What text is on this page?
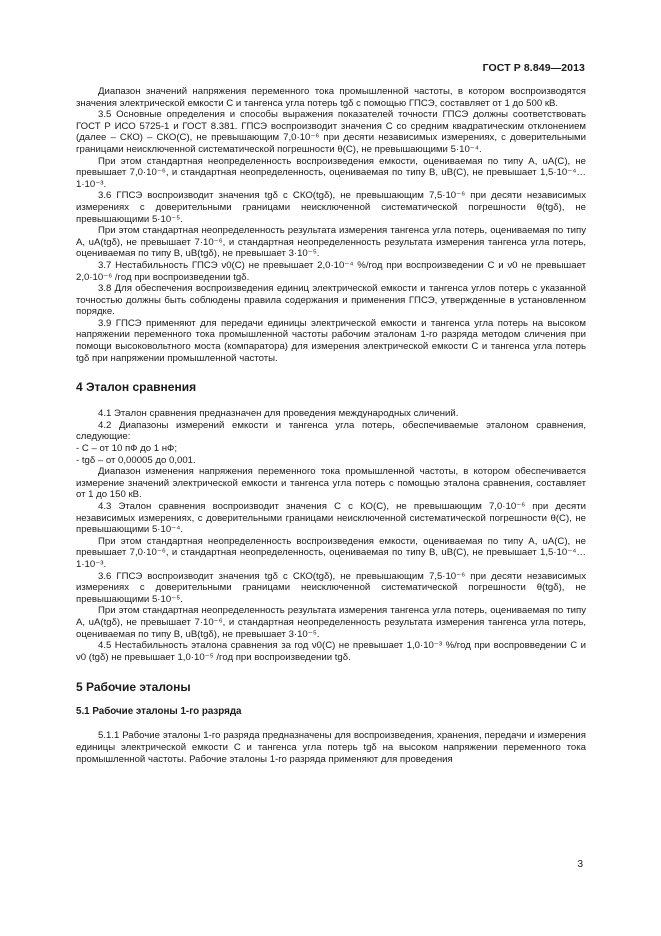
ГОСТ Р 8.849—2013
Диапазон значений напряжения переменного тока промышленной частоты, в котором воспроизводятся значения электрической емкости C и тангенса угла потерь tgδ с помощью ГПСЭ, составляет от 1 до 500 кВ.
3.5 Основные определения и способы выражения показателей точности ГПСЭ должны соответствовать ГОСТ Р ИСО 5725-1 и ГОСТ 8.381. ГПСЭ воспроизводит значения C со средним квадратическим отклонением (далее – СКО) – СКО(C), не превышающим 7,0·10⁻⁶ при десяти независимых измерениях, с доверительными границами неисключенной систематической погрешности θ(C), не превышающими 5·10⁻⁴.
При этом стандартная неопределенность воспроизведения емкости, оцениваемая по типу A, uA(C), не превышает 7,0·10⁻⁶, и стандартная неопределенность, оцениваемая по типу B, uB(C), не превышает 1,5·10⁻⁴…1·10⁻³.
3.6 ГПСЭ воспроизводит значения tgδ с СКО(tgδ), не превышающим 7,5·10⁻⁶ при десяти независимых измерениях с доверительными границами неисключенной систематической погрешности θ(tgδ), не превышающими 5·10⁻⁵.
При этом стандартная неопределенность результата измерения тангенса угла потерь, оцениваемая по типу A, uA(tgδ), не превышает 7·10⁻⁶, и стандартная неопределенность результата измерения тангенса угла потерь, оцениваемая по типу B, uB(tgδ), не превышает 3·10⁻⁵.
3.7 Нестабильность ГПСЭ ν0(C) не превышает 2,0·10⁻⁴ %/год при воспроизведении C и ν0 не превышает 2,0·10⁻⁶ /год при воспроизведении tgδ.
3.8 Для обеспечения воспроизведения единиц электрической емкости и тангенса углов потерь с указанной точностью должны быть соблюдены правила содержания и применения ГПСЭ, утвержденные в установленном порядке.
3.9 ГПСЭ применяют для передачи единицы электрической емкости и тангенса угла потерь на высоком напряжении переменного тока промышленной частоты рабочим эталонам 1-го разряда методом сличения при помощи высоковольтного моста (компаратора) для измерения электрической емкости C и тангенса угла потерь tgδ при напряжении промышленной частоты.
4 Эталон сравнения
4.1 Эталон сравнения предназначен для проведения международных сличений.
4.2 Диапазоны измерений емкости и тангенса угла потерь, обеспечиваемые эталоном сравнения, следующие:
- C – от 10 пФ до 1 нФ;
- tgδ – от 0,00005 до 0,001.
Диапазон изменения напряжения переменного тока промышленной частоты, в котором обеспечивается измерение значений электрической емкости и тангенса угла потерь с помощью эталона сравнения, составляет от 1 до 150 кВ.
4.3 Эталон сравнения воспроизводит значения C с КО(C), не превышающим 7,0·10⁻⁶ при десяти независимых измерениях, с доверительными границами неисключенной систематической погрешности θ(C), не превышающими 5·10⁻⁴.
При этом стандартная неопределенность воспроизведения емкости, оцениваемая по типу A, uA(C), не превышает 7,0·10⁻⁶, и стандартная неопределенность, оцениваемая по типу B, uB(C), не превышает 1,5·10⁻⁴…1·10⁻³.
3.6 ГПСЭ воспроизводит значения tgδ с СКО(tgδ), не превышающим 7,5·10⁻⁶ при десяти независимых измерениях с доверительными границами неисключенной систематической погрешности θ(tgδ), не превышающими 5·10⁻⁵.
При этом стандартная неопределенность результата измерения тангенса угла потерь, оцениваемая по типу A, uA(tgδ), не превышает 7·10⁻⁶, и стандартная неопределенность результата измерения тангенса угла потерь, оцениваемая по типу B, uB(tgδ), не превышает 3·10⁻⁵.
4.5 Нестабильность эталона сравнения за год ν0(C) не превышает 1,0·10⁻³ %/год при воспровведении C и ν0 (tgδ) не превышает 1,0·10⁻⁵ /год при воспроизведении tgδ.
5 Рабочие эталоны
5.1 Рабочие эталоны 1-го разряда
5.1.1 Рабочие эталоны 1-го разряда предназначены для воспроизведения, хранения, передачи и измерения единицы электрической емкости C и тангенса угла потерь tgδ на высоком напряжении переменного тока промышленной частоты. Рабочие эталоны 1-го разряда применяют для проведения
3
